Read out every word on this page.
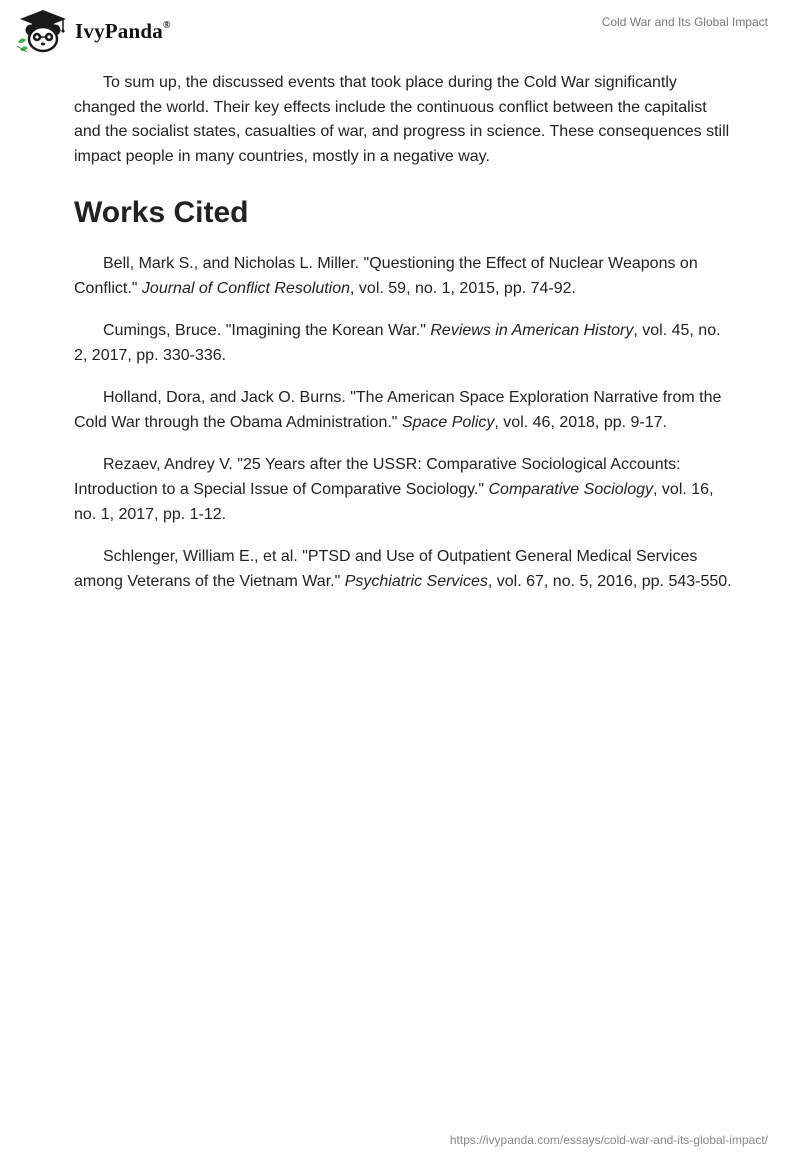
IvyPanda®	Cold War and Its Global Impact

To sum up, the discussed events that took place during the Cold War significantly changed the world. Their key effects include the continuous conflict between the capitalist and the socialist states, casualties of war, and progress in science. These consequences still impact people in many countries, mostly in a negative way.

Works Cited

Bell, Mark S., and Nicholas L. Miller. "Questioning the Effect of Nuclear Weapons on Conflict." Journal of Conflict Resolution, vol. 59, no. 1, 2015, pp. 74-92.

Cumings, Bruce. "Imagining the Korean War." Reviews in American History, vol. 45, no. 2, 2017, pp. 330-336.

Holland, Dora, and Jack O. Burns. "The American Space Exploration Narrative from the Cold War through the Obama Administration." Space Policy, vol. 46, 2018, pp. 9-17.

Rezaev, Andrey V. "25 Years after the USSR: Comparative Sociological Accounts: Introduction to a Special Issue of Comparative Sociology." Comparative Sociology, vol. 16, no. 1, 2017, pp. 1-12.

Schlenger, William E., et al. "PTSD and Use of Outpatient General Medical Services among Veterans of the Vietnam War." Psychiatric Services, vol. 67, no. 5, 2016, pp. 543-550.

https://ivypanda.com/essays/cold-war-and-its-global-impact/
